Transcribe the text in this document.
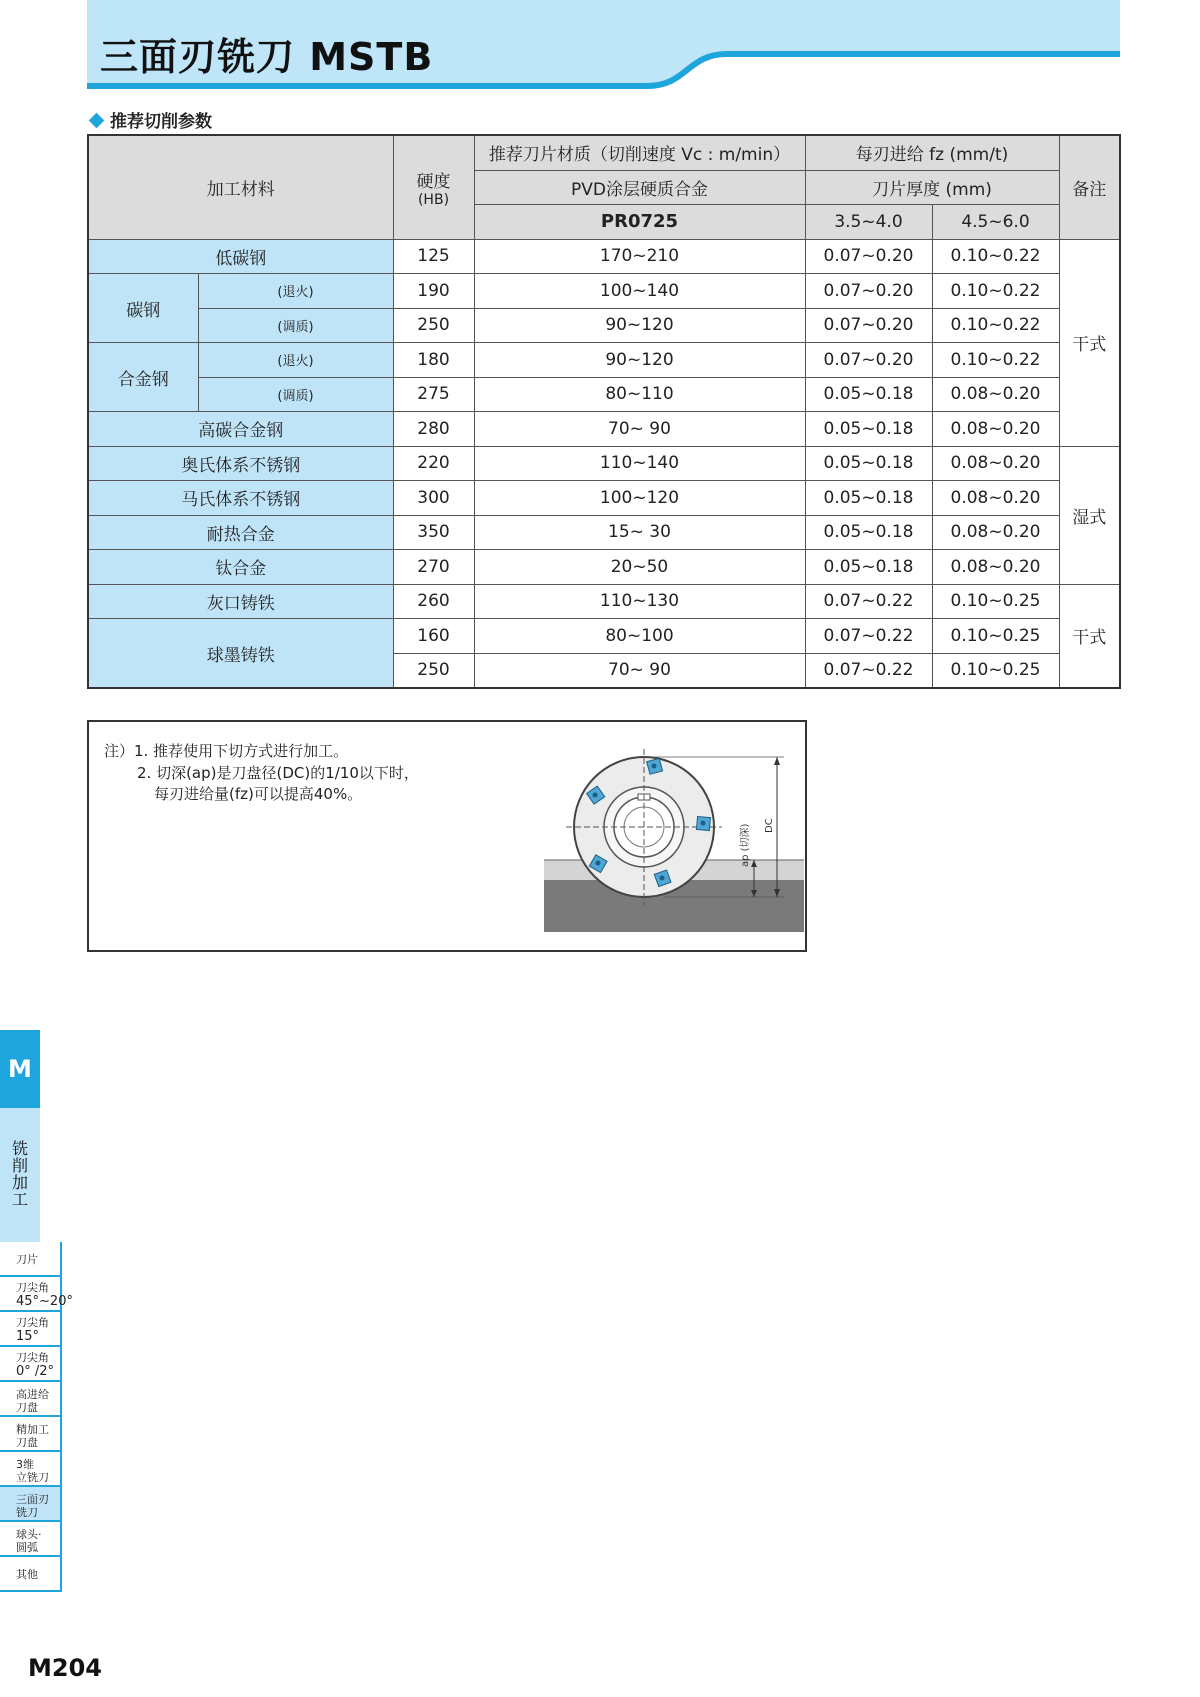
三面刃铣刀 MSTB
推荐切削参数
加工材料		硬度
(HB)	推荐刀片材质（切削速度 Vc : m/min）	每刃进给 fz (mm/t)		备注
			PVD涂层硬质合金	刀片厚度 (mm)		
			PR0725	3.5~4.0	4.5~6.0	
低碳钢		125	170~210	0.07~0.20	0.10~0.22	干式
碳钢	(退火)	190	100~140	0.07~0.20	0.10~0.22	
	(调质)	250	90~120	0.07~0.20	0.10~0.22	
合金钢	(退火)	180	90~120	0.07~0.20	0.10~0.22	
	(调质)	275	80~110	0.05~0.18	0.08~0.20	
高碳合金钢		280	70~ 90	0.05~0.18	0.08~0.20	
奥氏体系不锈钢		220	110~140	0.05~0.18	0.08~0.20	湿式
马氏体系不锈钢		300	100~120	0.05~0.18	0.08~0.20	
耐热合金		350	15~ 30	0.05~0.18	0.08~0.20	
钛合金		270	20~50	0.05~0.18	0.08~0.20	
灰口铸铁		260	110~130	0.07~0.22	0.10~0.25	干式
球墨铸铁		160	80~100	0.07~0.22	0.10~0.25	
		250	70~ 90	0.07~0.22	0.10~0.25	
注）1. 推荐使用下切方式进行加工。
2. 切深(ap)是刀盘径(DC)的1/10以下时，
每刃进给量(fz)可以提高40%。
ap (切深) DC
M
铣削加工
刀片
刀尖角
45°~20°
刀尖角
15°
刀尖角
0° /2°
高进给
刀盘
精加工
刀盘
3维
立铣刀
三面刃
铣刀
球头·
圆弧
其他
M204
